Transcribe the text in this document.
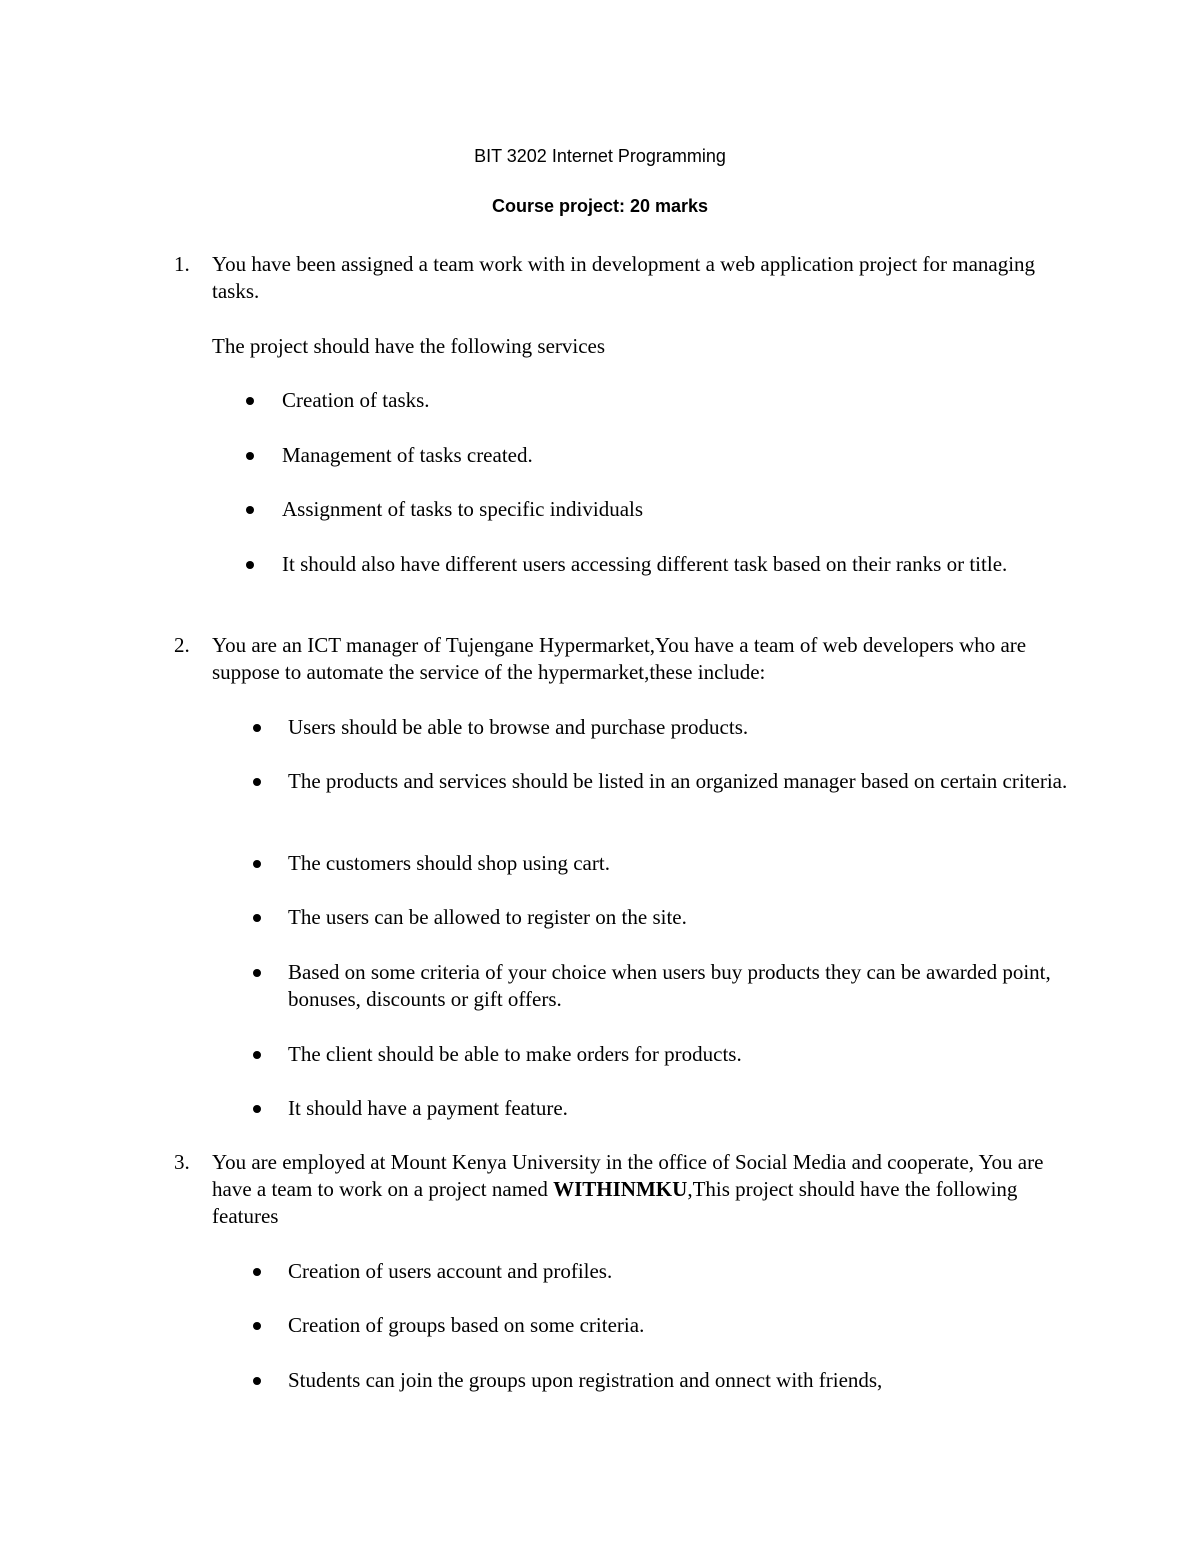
BIT 3202 Internet Programming
Course project: 20 marks
1.	You have been assigned a team work with in development a web application project for managing tasks.
The project should have the following services
Creation of tasks.
Management of tasks created.
Assignment of tasks to specific individuals
It should also have different users accessing different task based on their ranks or title.
2.	You are an ICT manager of Tujengane Hypermarket,You have a team of web developers who are suppose to automate the service of the hypermarket,these include:
Users should be able to browse and purchase products.
The products and services should be listed in an organized manager based on certain criteria.
The customers should shop using cart.
The users can be allowed to register on the site.
Based on some criteria of your choice when users buy products they can be awarded point, bonuses, discounts or gift offers.
The client should be able to make orders for products.
It should have a payment feature.
3.	You are employed at Mount Kenya University in the office of Social Media and cooperate, You are have a team to work on a project named WITHINMKU,This project should have the following features
Creation of users account and profiles.
Creation of groups based on some criteria.
Students can join the groups upon registration and onnect with friends,
